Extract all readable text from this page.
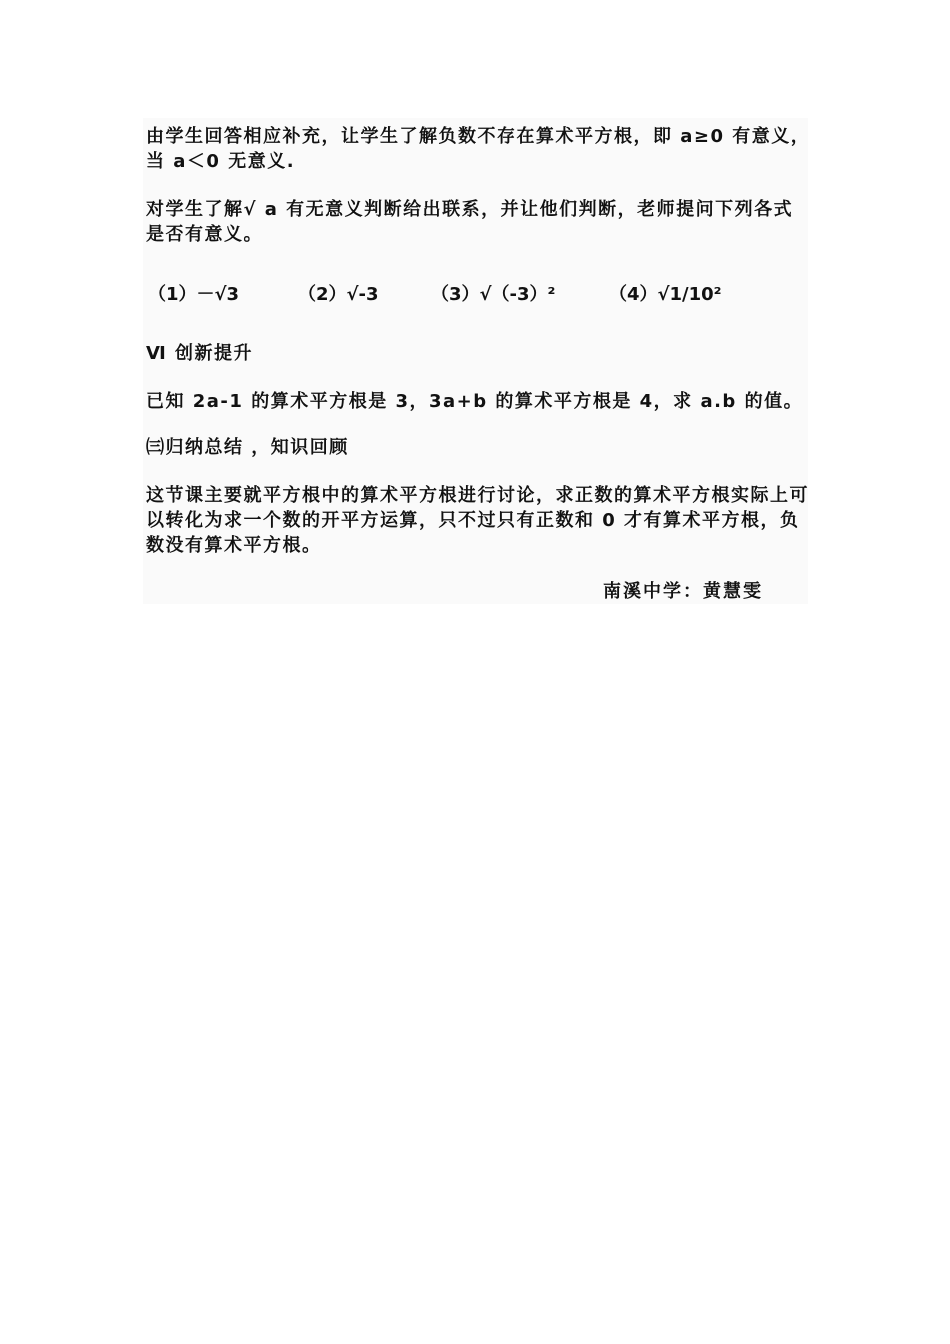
由学生回答相应补充，让学生了解负数不存在算术平方根，即 a≥0 有意义，当 a＜0 无意义.

对学生了解√ a 有无意义判断给出联系，并让他们判断，老师提问下列各式是否有意义。

（1）－√3	（2）√-3	（3）√（-3）²	（4）√1/10²

Ⅵ 创新提升

已知 2a-1 的算术平方根是 3，3a+b 的算术平方根是 4，求 a.b 的值。

㈢归纳总结 ，知识回顾

这节课主要就平方根中的算术平方根进行讨论，求正数的算术平方根实际上可以转化为求一个数的开平方运算，只不过只有正数和 0 才有算术平方根，负数没有算术平方根。

南溪中学：黄慧雯
